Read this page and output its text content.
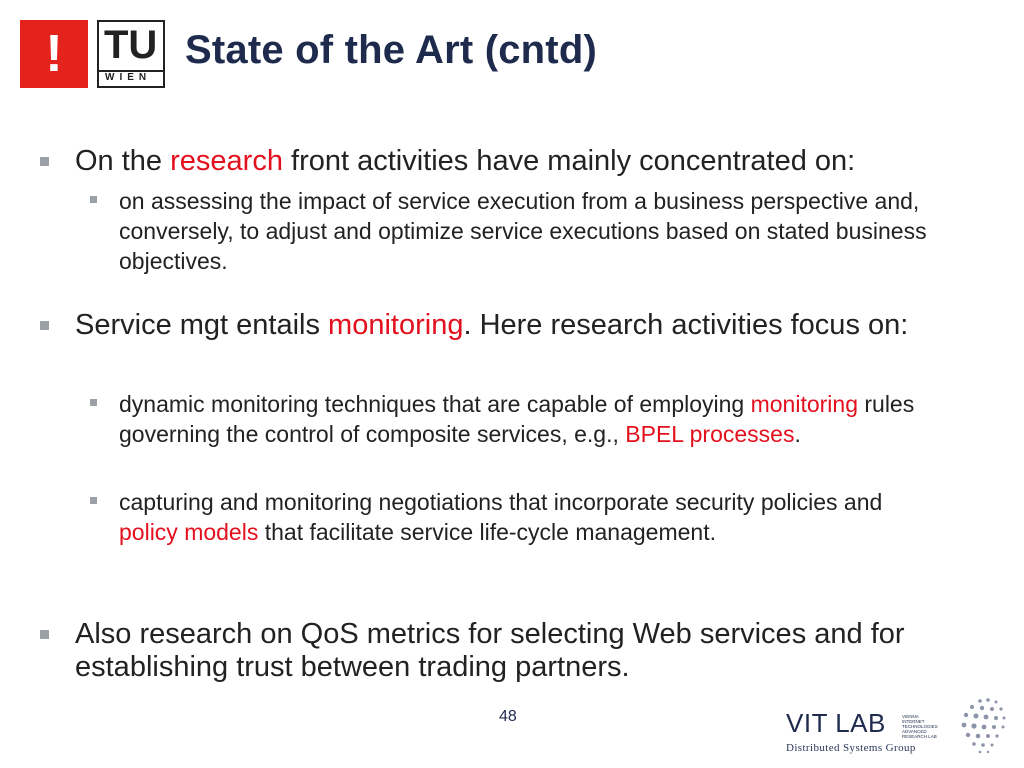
! TU
WIEN
State of the Art (cntd)
On the research front activities have mainly concentrated on:
on assessing the impact of service execution from a business perspective and, conversely, to adjust and optimize service executions based on stated business objectives.
Service mgt entails monitoring. Here research activities focus on:
dynamic monitoring techniques that are capable of employing monitoring rules governing the control of composite services, e.g., BPEL processes.
capturing and monitoring negotiations that incorporate security policies and policy models that facilitate service life-cycle management.
Also research on QoS metrics for selecting Web services and for establishing trust between trading partners.
48	VIT LAB	VIENNA INTERNET TECHNOLOGIES ADVANCED RESEARCH LAB
Distributed Systems Group
